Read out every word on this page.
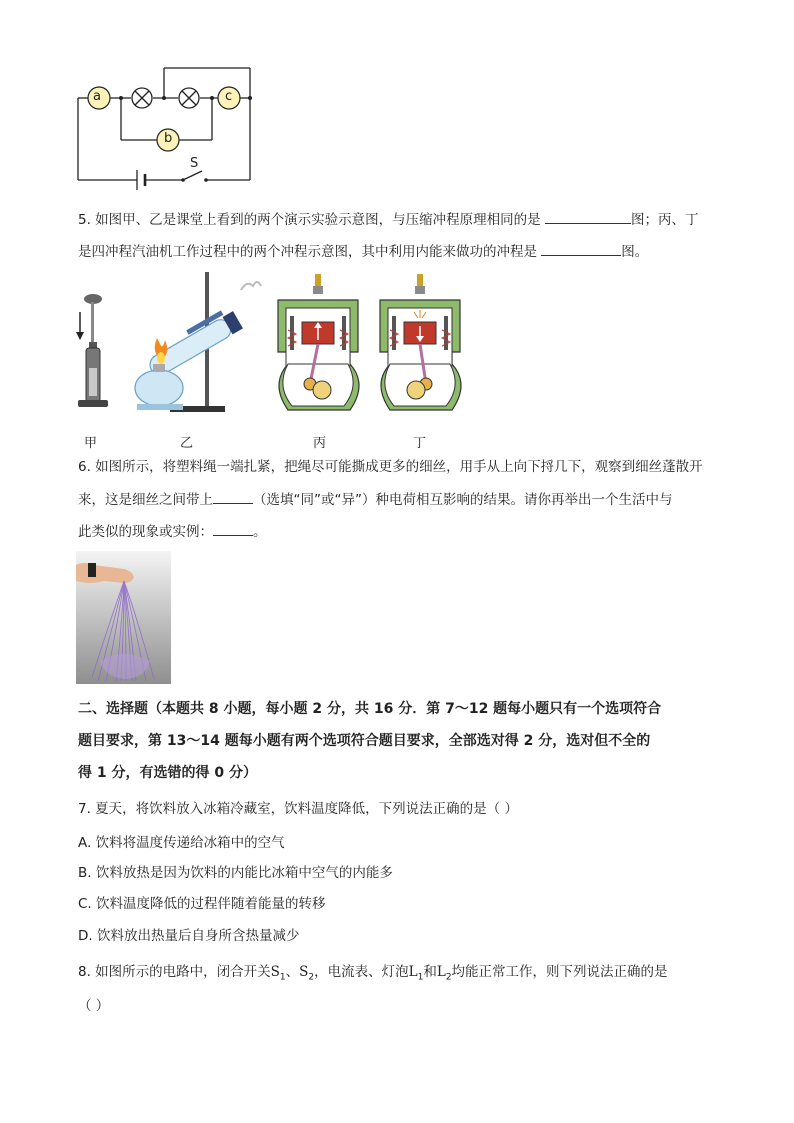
a
b
c
S
5. 如图甲、乙是课堂上看到的两个演示实验示意图，与压缩冲程原理相同的是	图；丙、丁
是四冲程汽油机工作过程中的两个冲程示意图，其中利用内能来做功的冲程是	图。
甲	乙	丙	丁
6. 如图所示，将塑料绳一端扎紧，把绳尽可能撕成更多的细丝，用手从上向下捋几下，观察到细丝蓬散开
来，这是细丝之间带上	（选填“同”或“异”）种电荷相互影响的结果。请你再举出一个生活中与
此类似的现象或实例：	。
二、选择题（本题共 8 小题，每小题 2 分，共 16 分．第 7～12 题每小题只有一个选项符合
题目要求，第 13～14 题每小题有两个选项符合题目要求，全部选对得 2 分，选对但不全的
得 1 分，有选错的得 0 分）
7. 夏天，将饮料放入冰箱冷藏室，饮料温度降低，下列说法正确的是（ ）
A. 饮料将温度传递给冰箱中的空气
B. 饮料放热是因为饮料的内能比冰箱中空气的内能多
C. 饮料温度降低的过程伴随着能量的转移
D. 饮料放出热量后自身所含热量减少
8. 如图所示的电路中，闭合开关$S_1$、$S_2$，电流表、灯泡$L_1$和$L_2$均能正常工作，则下列说法正确的是
（ ）
